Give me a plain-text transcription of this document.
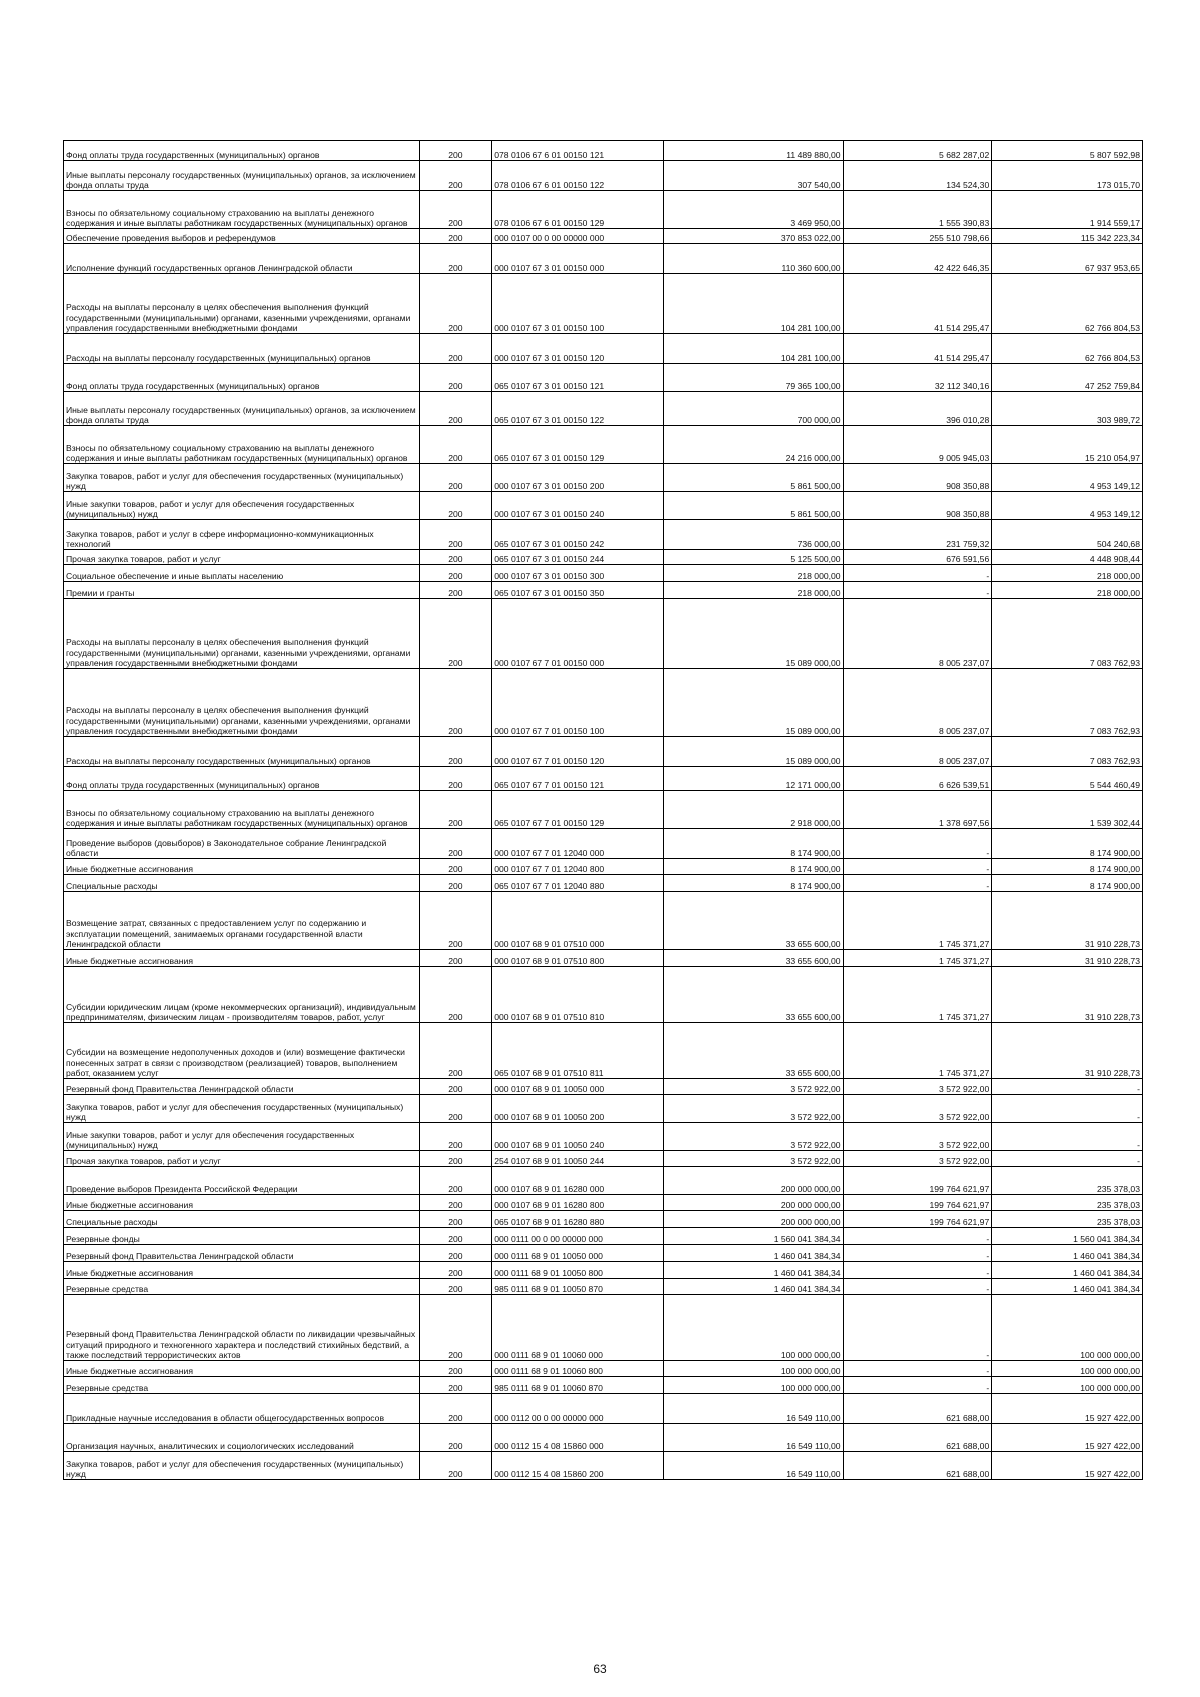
Фонд оплаты труда государственных (муниципальных) органов	200	078 0106 67 6 01 00150 121	11 489 880,00	5 682 287,02	5 807 592,98
Иные выплаты персоналу государственных (муниципальных) органов, за исключением фонда оплаты труда	200	078 0106 67 6 01 00150 122	307 540,00	134 524,30	173 015,70
Взносы по обязательному социальному страхованию на выплаты денежного содержания и иные выплаты работникам государственных (муниципальных) органов	200	078 0106 67 6 01 00150 129	3 469 950,00	1 555 390,83	1 914 559,17
Обеспечение проведения выборов и референдумов	200	000 0107 00 0 00 00000 000	370 853 022,00	255 510 798,66	115 342 223,34
Исполнение функций государственных органов Ленинградской области	200	000 0107 67 3 01 00150 000	110 360 600,00	42 422 646,35	67 937 953,65
Расходы на выплаты персоналу в целях обеспечения выполнения функций государственными (муниципальными) органами, казенными учреждениями, органами управления государственными внебюджетными фондами	200	000 0107 67 3 01 00150 100	104 281 100,00	41 514 295,47	62 766 804,53
Расходы на выплаты персоналу государственных (муниципальных) органов	200	000 0107 67 3 01 00150 120	104 281 100,00	41 514 295,47	62 766 804,53
Фонд оплаты труда государственных (муниципальных) органов	200	065 0107 67 3 01 00150 121	79 365 100,00	32 112 340,16	47 252 759,84
Иные выплаты персоналу государственных (муниципальных) органов, за исключением фонда оплаты труда	200	065 0107 67 3 01 00150 122	700 000,00	396 010,28	303 989,72
Взносы по обязательному социальному страхованию на выплаты денежного содержания и иные выплаты работникам государственных (муниципальных) органов	200	065 0107 67 3 01 00150 129	24 216 000,00	9 005 945,03	15 210 054,97
Закупка товаров, работ и услуг для обеспечения государственных (муниципальных) нужд	200	000 0107 67 3 01 00150 200	5 861 500,00	908 350,88	4 953 149,12
Иные закупки товаров, работ и услуг для обеспечения государственных (муниципальных) нужд	200	000 0107 67 3 01 00150 240	5 861 500,00	908 350,88	4 953 149,12
Закупка товаров, работ и услуг в сфере информационно-коммуникационных технологий	200	065 0107 67 3 01 00150 242	736 000,00	231 759,32	504 240,68
Прочая закупка товаров, работ и услуг	200	065 0107 67 3 01 00150 244	5 125 500,00	676 591,56	4 448 908,44
Социальное обеспечение и иные выплаты населению	200	000 0107 67 3 01 00150 300	218 000,00	-	218 000,00
Премии и гранты	200	065 0107 67 3 01 00150 350	218 000,00	-	218 000,00
Расходы на выплаты персоналу в целях обеспечения выполнения функций государственными (муниципальными) органами, казенными учреждениями, органами управления государственными внебюджетными фондами	200	000 0107 67 7 01 00150 000	15 089 000,00	8 005 237,07	7 083 762,93
Расходы на выплаты персоналу в целях обеспечения выполнения функций государственными (муниципальными) органами, казенными учреждениями, органами управления государственными внебюджетными фондами	200	000 0107 67 7 01 00150 100	15 089 000,00	8 005 237,07	7 083 762,93
Расходы на выплаты персоналу государственных (муниципальных) органов	200	000 0107 67 7 01 00150 120	15 089 000,00	8 005 237,07	7 083 762,93
Фонд оплаты труда государственных (муниципальных) органов	200	065 0107 67 7 01 00150 121	12 171 000,00	6 626 539,51	5 544 460,49
Взносы по обязательному социальному страхованию на выплаты денежного содержания и иные выплаты работникам государственных (муниципальных) органов	200	065 0107 67 7 01 00150 129	2 918 000,00	1 378 697,56	1 539 302,44
Проведение выборов (довыборов) в Законодательное собрание Ленинградской области	200	000 0107 67 7 01 12040 000	8 174 900,00	-	8 174 900,00
Иные бюджетные ассигнования	200	000 0107 67 7 01 12040 800	8 174 900,00	-	8 174 900,00
Специальные расходы	200	065 0107 67 7 01 12040 880	8 174 900,00	-	8 174 900,00
Возмещение затрат, связанных с предоставлением услуг по содержанию и эксплуатации помещений, занимаемых органами государственной власти Ленинградской области	200	000 0107 68 9 01 07510 000	33 655 600,00	1 745 371,27	31 910 228,73
Иные бюджетные ассигнования	200	000 0107 68 9 01 07510 800	33 655 600,00	1 745 371,27	31 910 228,73
Субсидии юридическим лицам (кроме некоммерческих организаций), индивидуальным предпринимателям, физическим лицам - производителям товаров, работ, услуг	200	000 0107 68 9 01 07510 810	33 655 600,00	1 745 371,27	31 910 228,73
Субсидии на возмещение недополученных доходов и (или) возмещение фактически понесенных затрат в связи с производством (реализацией) товаров, выполнением работ, оказанием услуг	200	065 0107 68 9 01 07510 811	33 655 600,00	1 745 371,27	31 910 228,73
Резервный фонд Правительства Ленинградской области	200	000 0107 68 9 01 10050 000	3 572 922,00	3 572 922,00	-
Закупка товаров, работ и услуг для обеспечения государственных (муниципальных) нужд	200	000 0107 68 9 01 10050 200	3 572 922,00	3 572 922,00	-
Иные закупки товаров, работ и услуг для обеспечения государственных (муниципальных) нужд	200	000 0107 68 9 01 10050 240	3 572 922,00	3 572 922,00	-
Прочая закупка товаров, работ и услуг	200	254 0107 68 9 01 10050 244	3 572 922,00	3 572 922,00	-
Проведение выборов Президента Российской Федерации	200	000 0107 68 9 01 16280 000	200 000 000,00	199 764 621,97	235 378,03
Иные бюджетные ассигнования	200	000 0107 68 9 01 16280 800	200 000 000,00	199 764 621,97	235 378,03
Специальные расходы	200	065 0107 68 9 01 16280 880	200 000 000,00	199 764 621,97	235 378,03
Резервные фонды	200	000 0111 00 0 00 00000 000	1 560 041 384,34	-	1 560 041 384,34
Резервный фонд Правительства Ленинградской области	200	000 0111 68 9 01 10050 000	1 460 041 384,34	-	1 460 041 384,34
Иные бюджетные ассигнования	200	000 0111 68 9 01 10050 800	1 460 041 384,34	-	1 460 041 384,34
Резервные средства	200	985 0111 68 9 01 10050 870	1 460 041 384,34	-	1 460 041 384,34
Резервный фонд Правительства Ленинградской области по ликвидации чрезвычайных ситуаций природного и техногенного характера и последствий стихийных бедствий, а также последствий террористических актов	200	000 0111 68 9 01 10060 000	100 000 000,00	-	100 000 000,00
Иные бюджетные ассигнования	200	000 0111 68 9 01 10060 800	100 000 000,00	-	100 000 000,00
Резервные средства	200	985 0111 68 9 01 10060 870	100 000 000,00	-	100 000 000,00
Прикладные научные исследования в области общегосударственных вопросов	200	000 0112 00 0 00 00000 000	16 549 110,00	621 688,00	15 927 422,00
Организация научных, аналитических и социологических исследований	200	000 0112 15 4 08 15860 000	16 549 110,00	621 688,00	15 927 422,00
Закупка товаров, работ и услуг для обеспечения государственных (муниципальных) нужд	200	000 0112 15 4 08 15860 200	16 549 110,00	621 688,00	15 927 422,00
63
